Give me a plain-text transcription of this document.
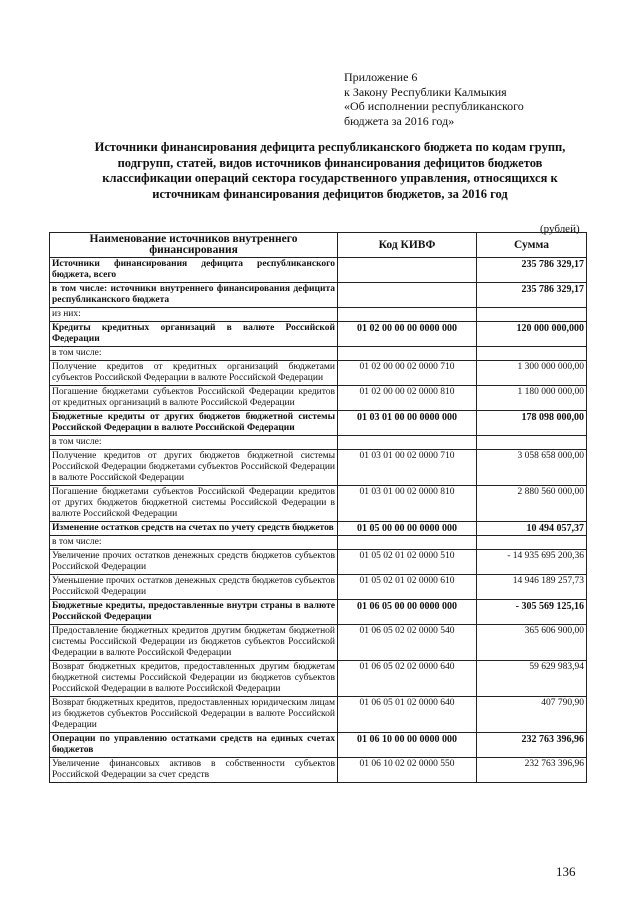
Приложение 6
к Закону Республики Калмыкия
«Об исполнении республиканского
бюджета за 2016 год»
Источники финансирования дефицита республиканского бюджета по кодам групп,
подгрупп, статей, видов источников финансирования дефицитов бюджетов
классификации операций сектора государственного управления, относящихся к
источникам финансирования дефицитов бюджетов, за 2016 год
(рублей)
Наименование источников внутреннего финансирования	Код КИВФ	Сумма
Источники финансирования дефицита республиканского бюджета, всего		235 786 329,17
в том числе: источники внутреннего финансирования дефицита республиканского бюджета		235 786 329,17
из них:		
Кредиты кредитных организаций в валюте Российской Федерации	01 02 00 00 00 0000 000	120 000 000,000
в том числе:		
Получение кредитов от кредитных организаций бюджетами субъектов Российской Федерации в валюте Российской Федерации	01 02 00 00 02 0000 710	1 300 000 000,00
Погашение бюджетами субъектов Российской Федерации кредитов от кредитных организаций в валюте Российской Федерации	01 02 00 00 02 0000 810	1 180 000 000,00
Бюджетные кредиты от других бюджетов бюджетной системы Российской Федерации в валюте Российской Федерации	01 03 01 00 00 0000 000	178 098 000,00
в том числе:		
Получение кредитов от других бюджетов бюджетной системы Российской Федерации бюджетами субъектов Российской Федерации в валюте Российской Федерации	01 03 01 00 02 0000 710	3 058 658 000,00
Погашение бюджетами субъектов Российской Федерации кредитов от других бюджетов бюджетной системы Российской Федерации в валюте Российской Федерации	01 03 01 00 02 0000 810	2 880 560 000,00
Изменение остатков средств на счетах по учету средств бюджетов	01 05 00 00 00 0000 000	10 494 057,37
в том числе:		
Увеличение прочих остатков денежных средств бюджетов субъектов Российской Федерации	01 05 02 01 02 0000 510	- 14 935 695 200,36
Уменьшение прочих остатков денежных средств бюджетов субъектов Российской Федерации	01 05 02 01 02 0000 610	14 946 189 257,73
Бюджетные кредиты, предоставленные внутри страны в валюте Российской Федерации	01 06 05 00 00 0000 000	- 305 569 125,16
Предоставление бюджетных кредитов другим бюджетам бюджетной системы Российской Федерации из бюджетов субъектов Российской Федерации в валюте Российской Федерации	01 06 05 02 02 0000 540	365 606 900,00
Возврат бюджетных кредитов, предоставленных другим бюджетам бюджетной системы Российской Федерации из бюджетов субъектов Российской Федерации в валюте Российской Федерации	01 06 05 02 02 0000 640	59 629 983,94
Возврат бюджетных кредитов, предоставленных юридическим лицам из бюджетов субъектов Российской Федерации в валюте Российской Федерации	01 06 05 01 02 0000 640	407 790,90
Операции по управлению остатками средств на единых счетах бюджетов	01 06 10 00 00 0000 000	232 763 396,96
Увеличение финансовых активов в собственности субъектов Российской Федерации за счет средств	01 06 10 02 02 0000 550	232 763 396,96
136
